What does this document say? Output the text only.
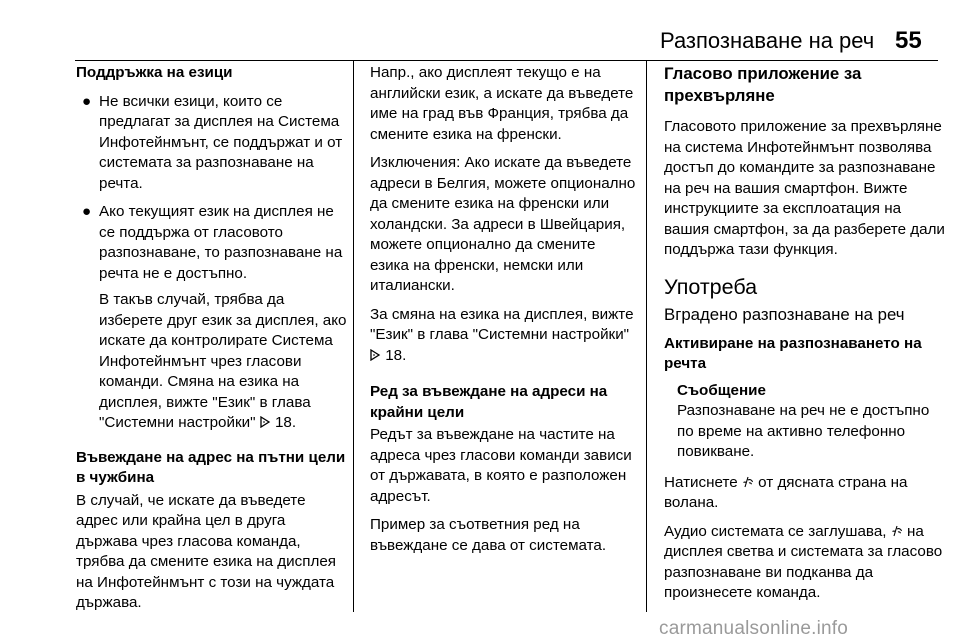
Разпознаване на реч 55

Поддръжка на езици

● Не всички езици, които се предлагат за дисплея на Система Инфотейнмънт, се поддържат и от системата за разпознаване на речта.
● Ако текущият език на дисплея не се поддържа от гласовото разпознаване, то разпознаване на речта не е достъпно.

В такъв случай, трябва да изберете друг език за дисплея, ако искате да контролирате Система Инфотейнмънт чрез гласови команди. Смяна на езика на дисплея, вижте "Език" в глава "Системни настройки" 18.

Въвеждане на адрес на пътни цели в чужбина

В случай, че искате да въведете адрес или крайна цел в друга държава чрез гласова команда, трябва да смените езика на дисплея на Инфотейнмънт с този на чуждата държава.

Напр., ако дисплеят текущо е на английски език, а искате да въведете име на град във Франция, трябва да смените езика на френски.

Изключения: Ако искате да въведете адреси в Белгия, можете опционално да смените езика на френски или холандски. За адреси в Швейцария, можете опционално да смените езика на френски, немски или италиански.

За смяна на езика на дисплея, вижте "Език" в глава "Системни настройки"  18.

Ред за въвеждане на адреси на крайни цели

Редът за въвеждане на частите на адреса чрез гласови команди зависи от държавата, в която е разположен адресът.

Пример за съответния ред на въвеждане се дава от системата.

Гласово приложение за прехвърляне

Гласовото приложение за прехвърляне на система Инфотейнмънт позволява достъп до командите за разпознаване на реч на вашия смартфон. Вижте инструкциите за експлоатация на вашия смартфон, за да разберете дали поддържа тази функция.

Употреба

Вградено разпознаване на реч

Активиране на разпознаването на речта

Съобщение
Разпознаване на реч не е достъпно по време на активно телефонно повикване.

Натиснете от дясната страна на волана.

Аудио системата се заглушава, на дисплея светва и системата за гласово разпознаване ви подканва да произнесете команда.

carmanualsonline.info
